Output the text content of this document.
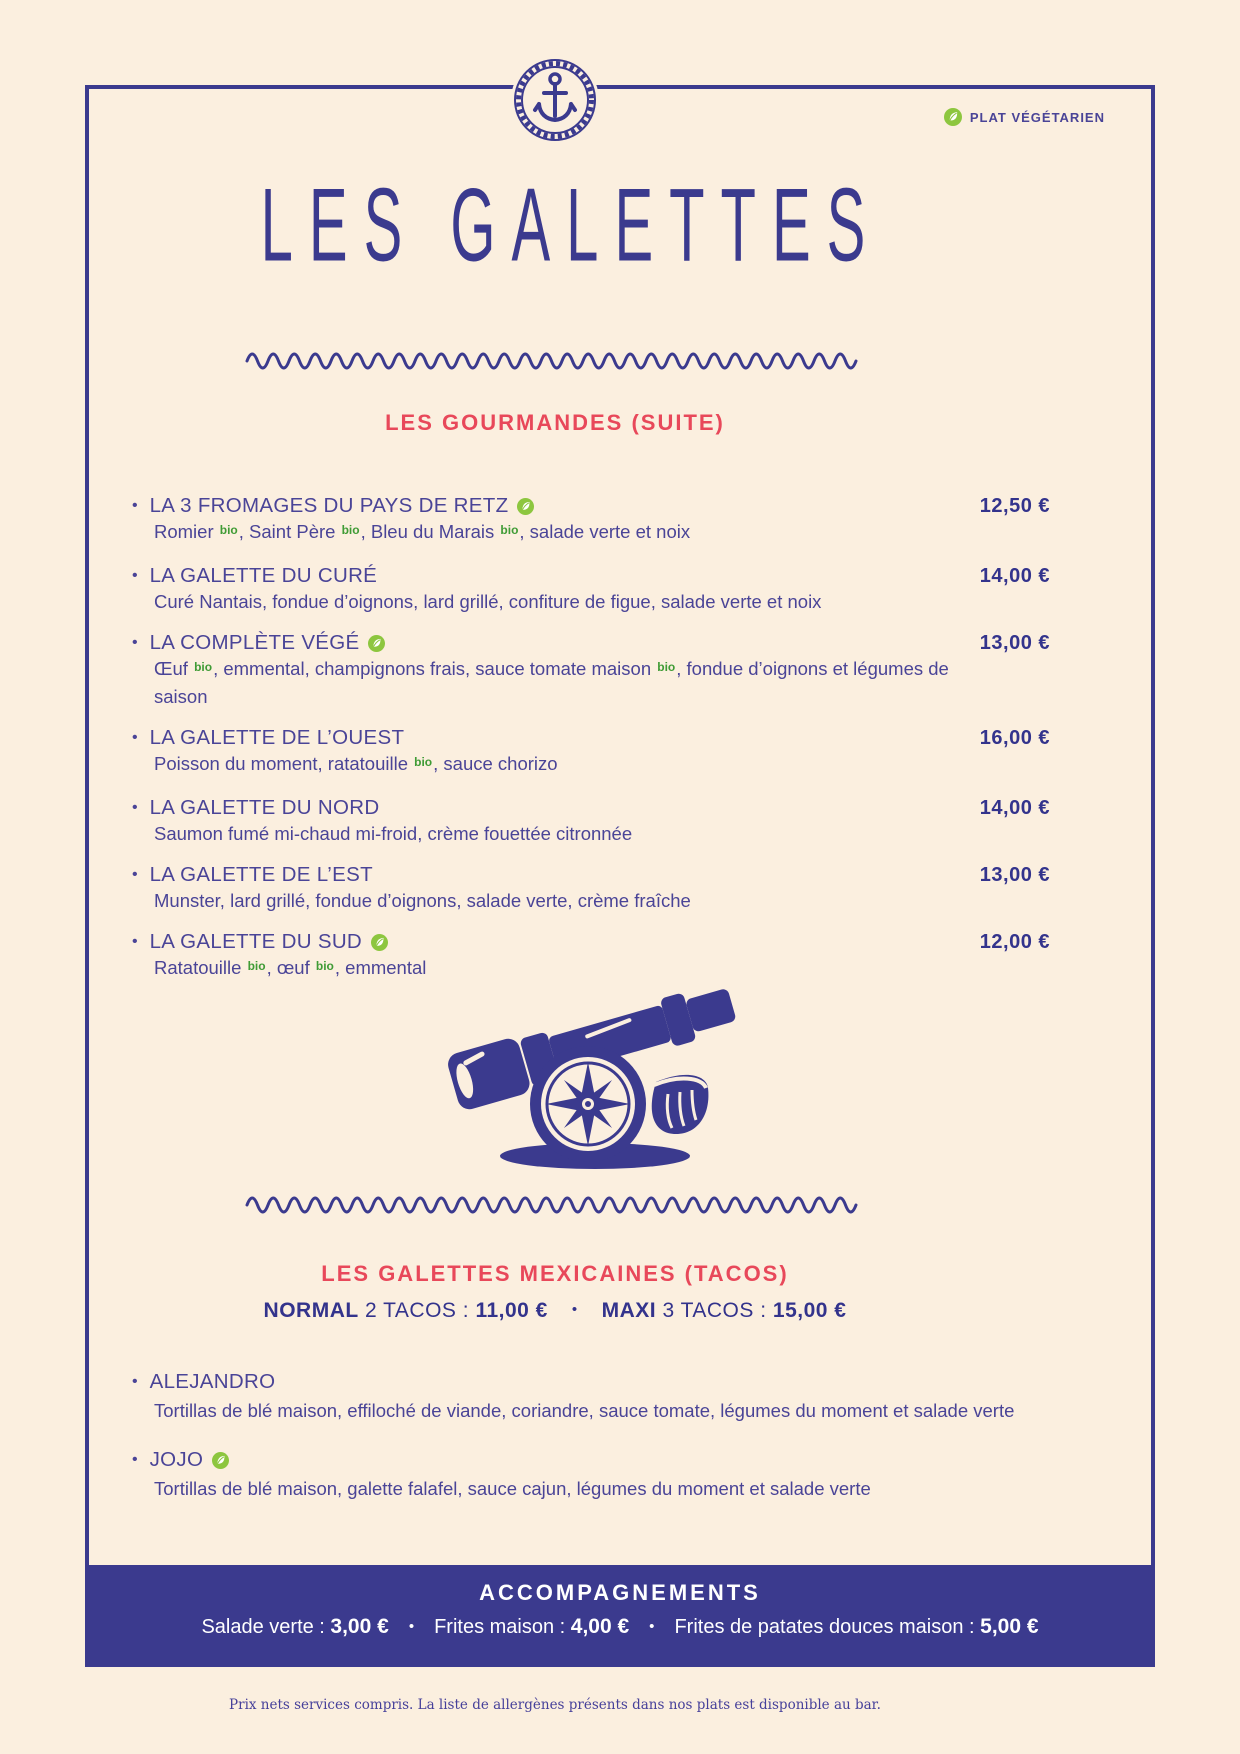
PLAT VÉGÉTARIEN
LES GALETTES
LES GOURMANDES (SUITE)
• LA 3 FROMAGES DU PAYS DE RETZ	12,50 €
Romier bio, Saint Père bio, Bleu du Marais bio, salade verte et noix
• LA GALETTE DU CURÉ	14,00 €
Curé Nantais, fondue d’oignons, lard grillé, confiture de figue, salade verte et noix
• LA COMPLÈTE VÉGÉ	13,00 €
Œuf bio, emmental, champignons frais, sauce tomate maison bio, fondue d’oignons et légumes de saison
• LA GALETTE DE L’OUEST	16,00 €
Poisson du moment, ratatouille bio, sauce chorizo
• LA GALETTE DU NORD	14,00 €
Saumon fumé mi-chaud mi-froid, crème fouettée citronnée
• LA GALETTE DE L’EST	13,00 €
Munster, lard grillé, fondue d’oignons, salade verte, crème fraîche
• LA GALETTE DU SUD	12,00 €
Ratatouille bio, œuf bio, emmental
LES GALETTES MEXICAINES (TACOS)
NORMAL 2 TACOS : 11,00 € • MAXI 3 TACOS : 15,00 €
• ALEJANDRO
Tortillas de blé maison, effiloché de viande, coriandre, sauce tomate, légumes du moment et salade verte
• JOJO
Tortillas de blé maison, galette falafel, sauce cajun, légumes du moment et salade verte
ACCOMPAGNEMENTS
Salade verte : 3,00 € • Frites maison : 4,00 € • Frites de patates douces maison : 5,00 €
Prix nets services compris. La liste de allergènes présents dans nos plats est disponible au bar.
